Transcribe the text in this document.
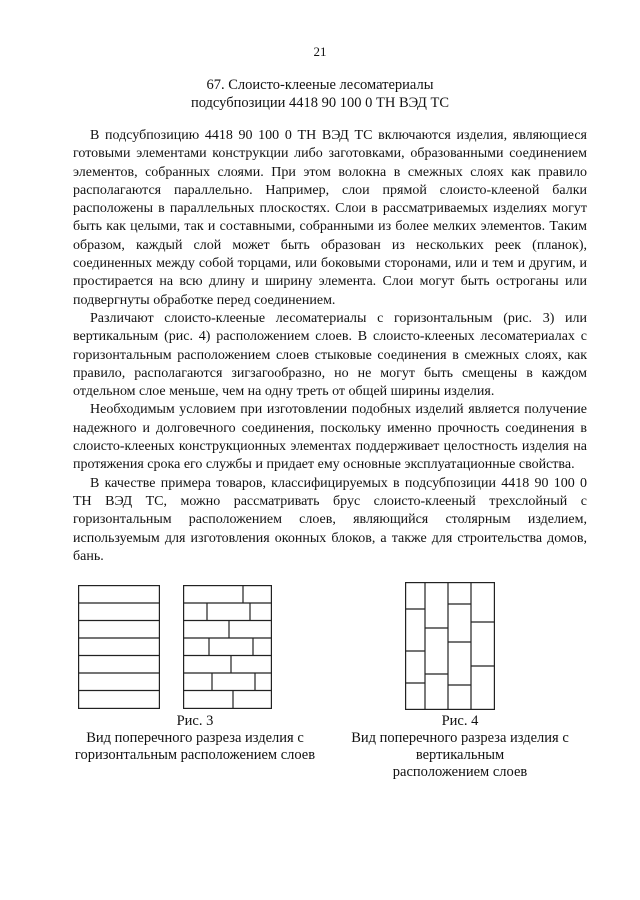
21
67. Слоисто-клееные лесоматериалы
подсубпозиции 4418 90 100 0 ТН ВЭД ТС

В подсубпозицию 4418 90 100 0 ТН ВЭД ТС включаются изделия, являющиеся готовыми элементами конструкции либо заготовками, образованными соединением элементов, собранных слоями. При этом волокна в смежных слоях как правило располагаются параллельно. Например, слои прямой слоисто-клееной балки расположены в параллельных плоскостях. Слои в рассматриваемых изделиях могут быть как целыми, так и составными, собранными из более мелких элементов. Таким образом, каждый слой может быть образован из нескольких реек (планок), соединенных между собой торцами, или боковыми сторонами, или и тем и другим, и простирается на всю длину и ширину элемента. Слои могут быть острoганы или подвергнуты обработке перед соединением.

Различают слоисто-клееные лесоматериалы с горизонтальным (рис. 3) или вертикальным (рис. 4) расположением слоев. В слоисто-клееных лесоматериалах с горизонтальным расположением слоев стыковые соединения в смежных слоях, как правило, располагаются зигзагообразно, но не могут быть смещены в каждом отдельном слое меньше, чем на одну треть от общей ширины изделия.

Необходимым условием при изготовлении подобных изделий является получение надежного и долговечного соединения, поскольку именно прочность соединения в слоисто-клееных конструкционных элементах поддерживает целостность изделия на протяжения срока его службы и придает ему основные эксплуатационные свойства.

В качестве примера товаров, классифицируемых в подсубпозиции 4418 90 100 0 ТН ВЭД ТС, можно рассматривать брус слоисто-клееный трехслойный с горизонтальным расположением слоев, являющийся столярным изделием, используемым для изготовления оконных блоков, а также для строительства домов, бань.

Рис. 3
Вид поперечного разреза изделия с
горизонтальным расположением слоев
Рис. 4
Вид поперечного разреза изделия с
вертикальным
расположением слоев
